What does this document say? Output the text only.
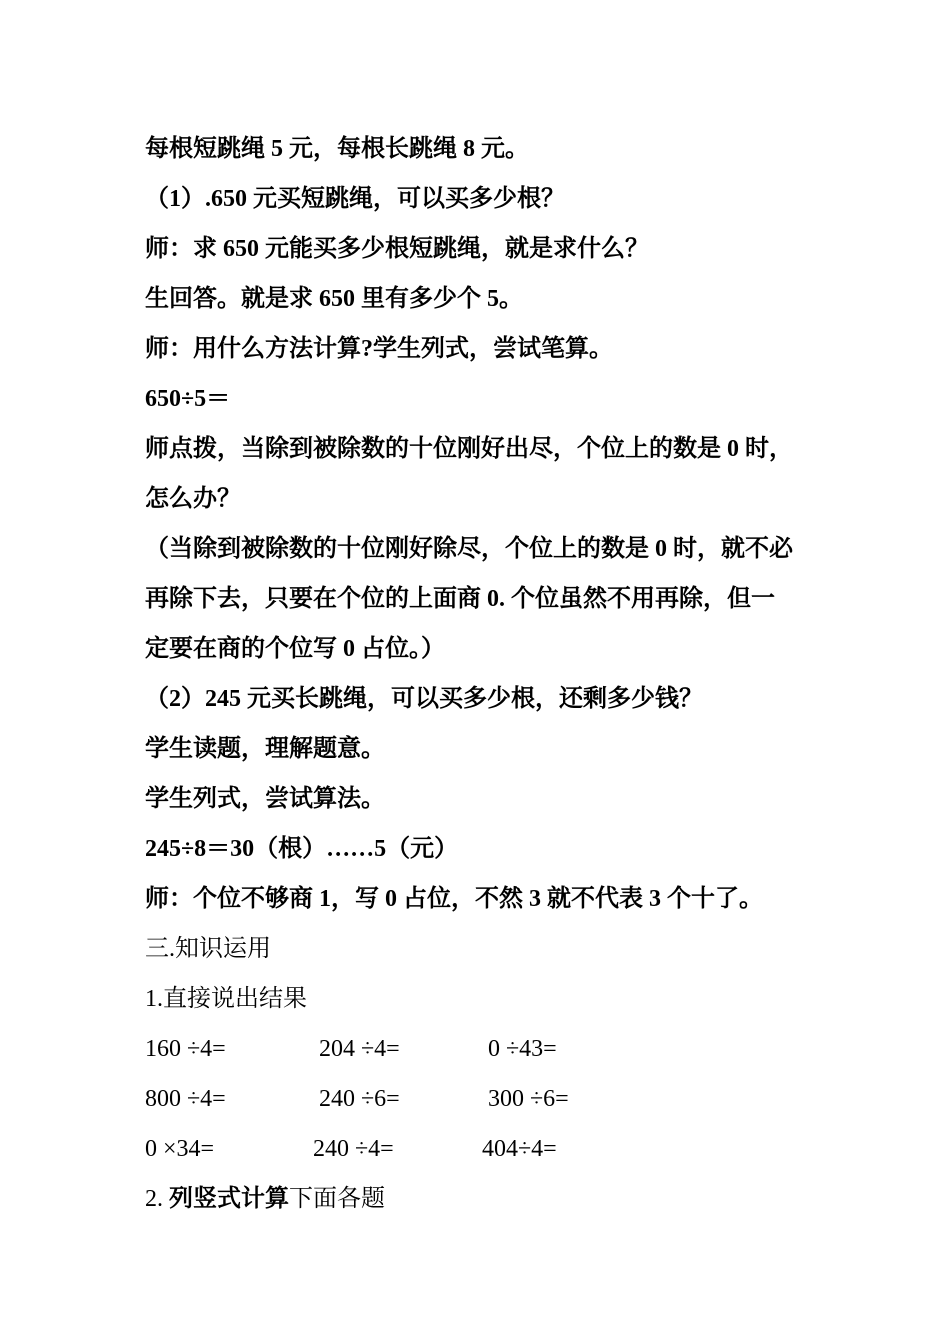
每根短跳绳 5 元，每根长跳绳 8 元。
（1）.650 元买短跳绳，可以买多少根？
师：求 650 元能买多少根短跳绳，就是求什么？
生回答。就是求 650 里有多少个 5。
师：用什么方法计算?学生列式，尝试笔算。
650÷5＝
师点拨，当除到被除数的十位刚好出尽，个位上的数是 0 时，
怎么办？
（当除到被除数的十位刚好除尽，个位上的数是 0 时，就不必
再除下去，只要在个位的上面商 0. 个位虽然不用再除，但一
定要在商的个位写 0 占位。）
（2）245 元买长跳绳，可以买多少根，还剩多少钱？
学生读题，理解题意。
学生列式，尝试算法。
245÷8＝30（根）……5（元）
师：个位不够商 1，写 0 占位，不然 3 就不代表 3 个十了。
三.知识运用
1.直接说出结果
160 ÷4=	204 ÷4=	0 ÷43=
800 ÷4=	240 ÷6=	300 ÷6=
0 ×34=	240 ÷4=	404÷4=
2. 列竖式计算下面各题
